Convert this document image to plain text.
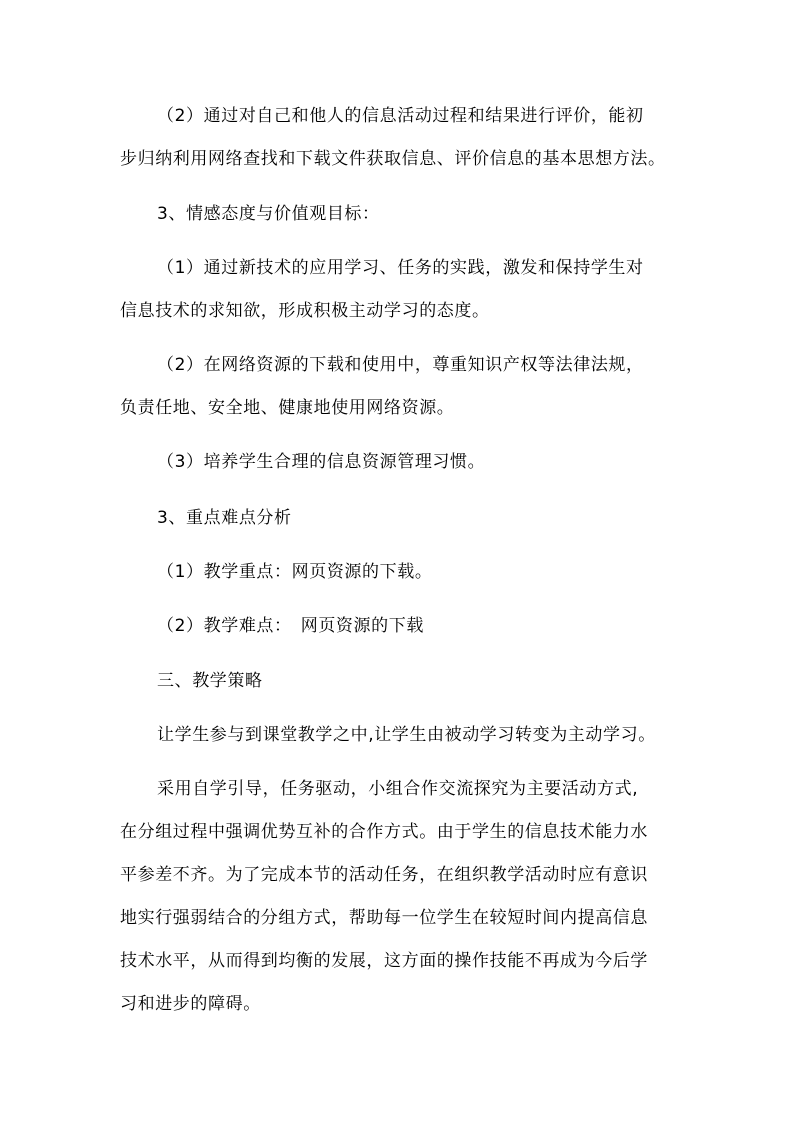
（2）通过对自己和他人的信息活动过程和结果进行评价，能初
步归纳利用网络查找和下载文件获取信息、评价信息的基本思想方法。
3、情感态度与价值观目标：
（1）通过新技术的应用学习、任务的实践，激发和保持学生对
信息技术的求知欲，形成积极主动学习的态度。
（2）在网络资源的下载和使用中，尊重知识产权等法律法规，
负责任地、安全地、健康地使用网络资源。
（3）培养学生合理的信息资源管理习惯。
3、重点难点分析
（1）教学重点：网页资源的下载。
（2）教学难点：　网页资源的下载
三、教学策略
让学生参与到课堂教学之中,让学生由被动学习转变为主动学习。
采用自学引导，任务驱动，小组合作交流探究为主要活动方式,
在分组过程中强调优势互补的合作方式。由于学生的信息技术能力水
平参差不齐。为了完成本节的活动任务，在组织教学活动时应有意识
地实行强弱结合的分组方式，帮助每一位学生在较短时间内提高信息
技术水平，从而得到均衡的发展，这方面的操作技能不再成为今后学
习和进步的障碍。
